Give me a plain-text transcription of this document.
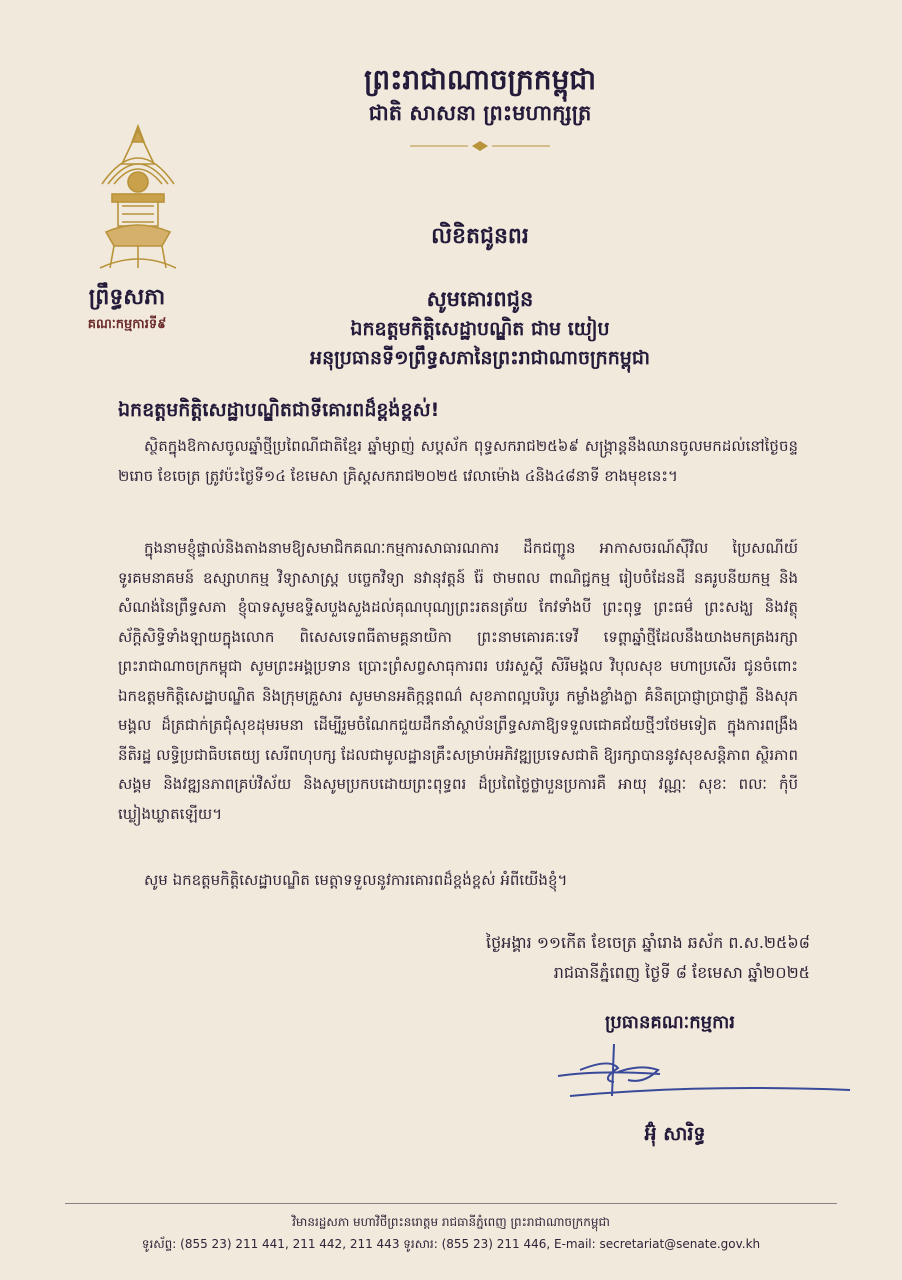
ព្រឹទ្ធសភា
គណៈកម្មការទី៩
ព្រះរាជាណាចក្រកម្ពុជា
ជាតិ សាសនា ព្រះមហាក្សត្រ
លិខិតជូនពរ
សូមគោរពជូន
ឯកឧត្តមកិត្តិសេដ្ឋាបណ្ឌិត ជាម យៀប
អនុប្រធានទី១ព្រឹទ្ធសភានៃព្រះរាជាណាចក្រកម្ពុជា
ឯកឧត្តមកិត្តិសេដ្ឋាបណ្ឌិតជាទីគោរពដ៏ខ្ពង់ខ្ពស់!
ស្ថិតក្នុងឱកាសចូលឆ្នាំថ្មីប្រពៃណីជាតិខ្មែរ ឆ្នាំម្សាញ់ សប្តស័ក ពុទ្ធសករាជ២៥៦៩ សង្ក្រាន្តនឹងឈានចូលមកដល់នៅថ្ងៃចន្ទ ២រោច ខែចេត្រ ត្រូវប៉ះថ្ងៃទី១៤ ខែមេសា គ្រិស្តសករាជ២០២៥ វេលាម៉ោង ៤និង៤៨នាទី ខាងមុខនេះ។
ក្នុងនាមខ្ញុំផ្ទាល់និងតាងនាមឱ្យសមាជិកគណៈកម្មការសាធារណការ ដឹកជញ្ជូន អាកាសចរណ៍ស៊ីវិល ប្រៃសណីយ៍ ទូរគមនាគមន៍ ឧស្សាហកម្ម វិទ្យាសាស្ត្រ បច្ចេកវិទ្យា នវានុវត្តន៍ រ៉ែ ថាមពល ពាណិជ្ជកម្ម រៀបចំដែនដី នគរូបនីយកម្ម និងសំណង់នៃព្រឹទ្ធសភា ខ្ញុំបាទសូមឧទ្ទិសបួងសួងដល់គុណបុណ្យព្រះរតនត្រ័យ កែវទាំងបី ព្រះពុទ្ធ ព្រះធម៌ ព្រះសង្ឃ និងវត្ថុស័ក្តិសិទ្ធិទាំងឡាយក្នុងលោក ពិសេសទេពធីតាមគ្គនាយិកា ព្រះនាមគោរគៈទេវី ទេព្តាឆ្នាំថ្មីដែលនឹងយាងមកគ្រងរក្សាព្រះរាជាណាចក្រកម្ពុជា សូមព្រះអង្គប្រទាន ប្រោះព្រំសព្វសាធុការពរ បវរសួស្តី សិរីមង្គល វិបុលសុខ មហាប្រសើរ ជូនចំពោះ ឯកឧត្តមកិត្តិសេដ្ឋាបណ្ឌិត និងក្រុមគ្រួសារ សូមមានអតិក្កន្តពណ៌ សុខភាពល្អបរិបូរ កម្លាំងខ្លាំងក្លា គំនិតប្រាជ្ញាប្រាជ្ញាភ្លឺ និងសុភមង្គល ដ៏ត្រជាក់ត្រជុំសុខដុមរមនា ដើម្បីរួមចំណែកជួយដឹកនាំស្ថាប័នព្រឹទ្ធសភាឱ្យទទួលជោគជ័យថ្មីៗថែមទៀត ក្នុងការពង្រឹងនីតិរដ្ឋ លទ្ធិប្រជាធិបតេយ្យ សេរីពហុបក្ស ដែលជាមូលដ្ឋានគ្រឹះសម្រាប់អភិវឌ្ឍប្រទេសជាតិ ឱ្យរក្សាបាននូវសុខសន្តិភាព ស្ថិរភាពសង្គម និងវឌ្ឍនភាពគ្រប់វិស័យ និងសូមប្រកបដោយព្រះពុទ្ធពរ ដ៏ប្រពៃថ្លៃថ្លាបួនប្រការគឺ អាយុ វណ្ណៈ សុខៈ ពលៈ កុំបីឃ្លៀងឃ្លាតឡើយ។
សូម ឯកឧត្តមកិត្តិសេដ្ឋាបណ្ឌិត មេត្តាទទួលនូវការគោរពដ៏ខ្ពង់ខ្ពស់ អំពីយើងខ្ញុំ។
ថ្ងៃអង្គារ ១១កើត ខែចេត្រ ឆ្នាំរោង ឆស័ក ព.ស.២៥៦៨
រាជធានីភ្នំពេញ ថ្ងៃទី ៨ ខែមេសា ឆ្នាំ២០២៥
ប្រធានគណៈកម្មការ
អ៊ុំ សារិទ្ធ
វិមានរដ្ឋសភា មហាវិថីព្រះនរោត្តម រាជធានីភ្នំពេញ ព្រះរាជាណាចក្រកម្ពុជា
ទូរស័ព្ទ: (855 23) 211 441, 211 442, 211 443 ទូរសារ: (855 23) 211 446, E-mail: secretariat@senate.gov.kh
